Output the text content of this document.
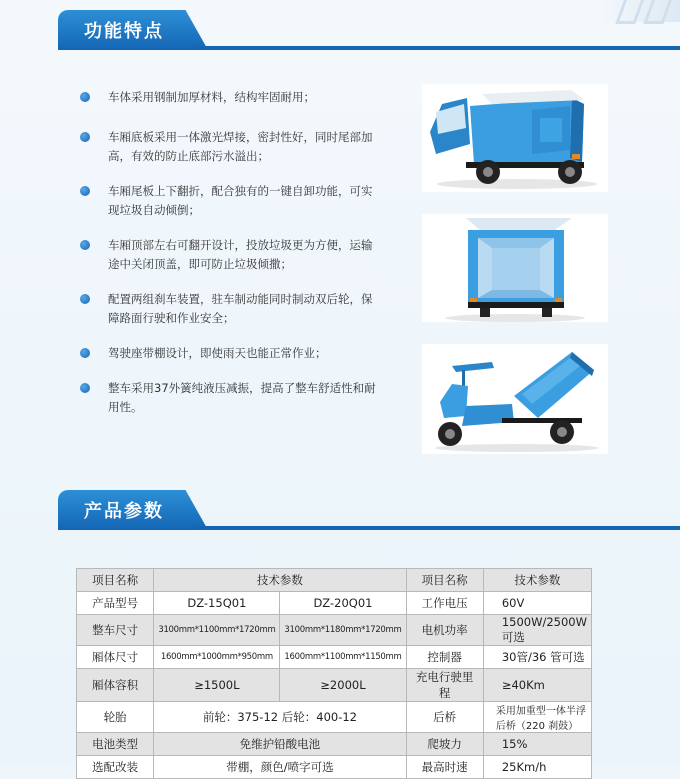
功能特点
车体采用钢制加厚材料，结构牢固耐用；
车厢底板采用一体激光焊接，密封性好，同时尾部加
高，有效的防止底部污水溢出；
车厢尾板上下翻折，配合独有的一键自卸功能，可实
现垃圾自动倾倒；
车厢顶部左右可翻开设计，投放垃圾更为方便，运输
途中关闭顶盖，即可防止垃圾倾撒；
配置两组刹车装置，驻车制动能同时制动双后轮，保
障路面行驶和作业安全；
驾驶座带棚设计，即使雨天也能正常作业；
整车采用37外簧纯液压减振，提高了整车舒适性和耐
用性。
产品参数
项目名称	技术参数		项目名称	技术参数
产品型号	DZ-15Q01	DZ-20Q01	工作电压	60V
整车尺寸	3100mm*1100mm*1720mm	3100mm*1180mm*1720mm	电机功率	1500W/2500W 可选
厢体尺寸	1600mm*1000mm*950mm	1600mm*1100mm*1150mm	控制器	30管/36 管可选
厢体容积	≥1500L	≥2000L	充电行驶里程	≥40Km
轮胎	前轮：375-12 后轮：400-12		后桥	采用加重型一体半浮后桥（220 刹鼓）
电池类型	免维护铅酸电池		爬坡力	15%
选配改装	带棚，颜色/喷字可选		最高时速	25Km/h
